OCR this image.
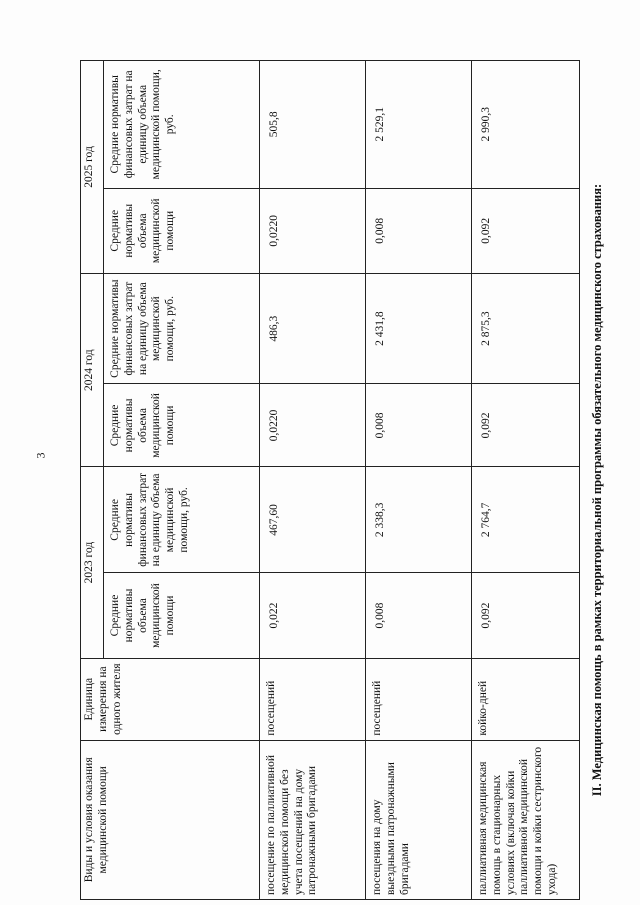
3
Виды и условия оказания медицинской помощи	Единица измерения на одного жителя	2023 год		2024 год		2025 год	
		Средние нормативы объема медицинской помощи	Средние нормативы финансовых затрат на единицу объема медицинской помощи, руб.	Средние нормативы объема медицинской помощи	Средние нормативы финансовых затрат на единицу объема медицинской помощи, руб.	Средние нормативы объема медицинской помощи	Средние нормативы финансовых затрат на единицу объема медицинской помощи, руб.
посещение по паллиативной медицинской помощи без учета посещений на дому патронажными бригадами	посещений	0,022	467,60	0,0220	486,3	0,0220	505,8
посещения на дому выездными патронажными бригадами	посещений	0,008	2 338,3	0,008	2 431,8	0,008	2 529,1
паллиативная медицинская помощь в стационарных условиях (включая койки паллиативной медицинской помощи и койки сестринского ухода)	койко-дней	0,092	2 764,7	0,092	2 875,3	0,092	2 990,3
II. Медицинская помощь в рамках территориальной программы обязательного медицинского страхования:
